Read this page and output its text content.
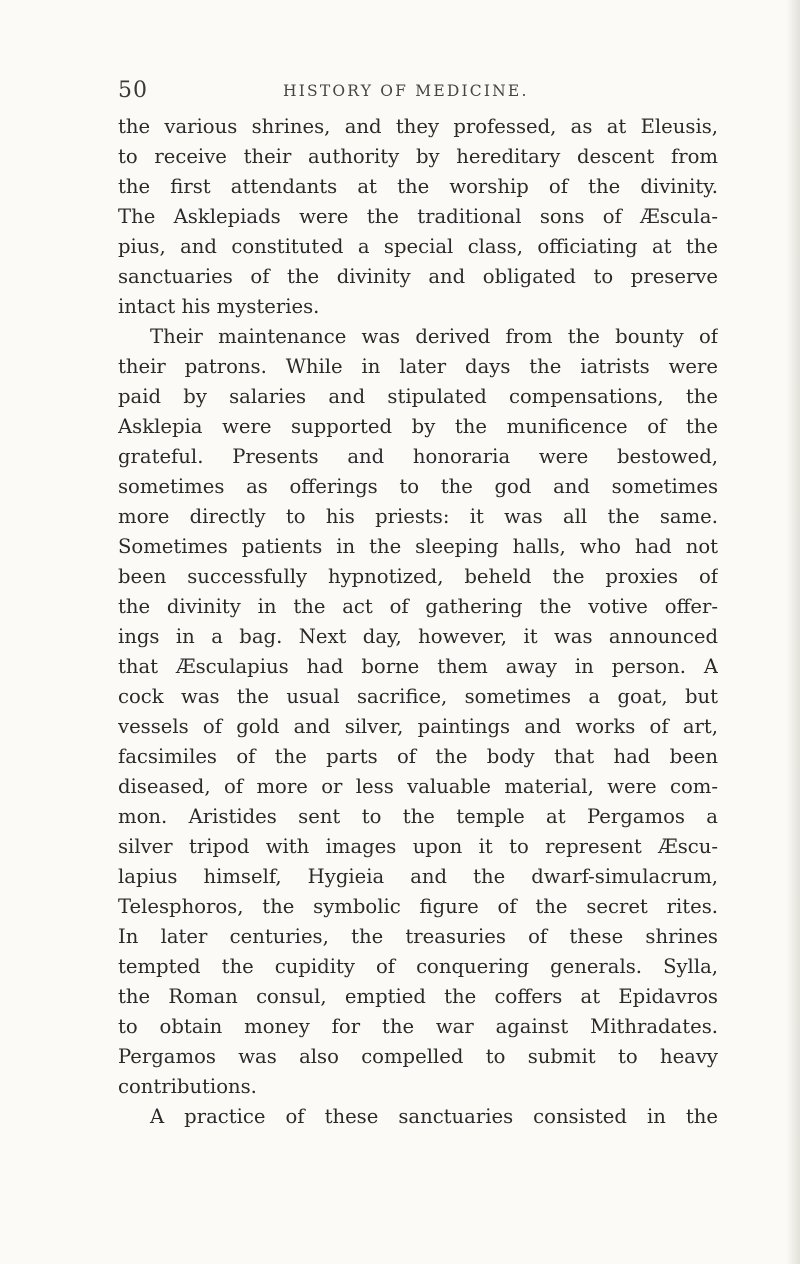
50	HISTORY OF MEDICINE.
the various shrines, and they professed, as at Eleusis,
to receive their authority by hereditary descent from
the first attendants at the worship of the divinity.
The Asklepiads were the traditional sons of Æscula-
pius, and constituted a special class, officiating at the
sanctuaries of the divinity and obligated to preserve
intact his mysteries.
Their maintenance was derived from the bounty of
their patrons. While in later days the iatrists were
paid by salaries and stipulated compensations, the
Asklepia were supported by the munificence of the
grateful. Presents and honoraria were bestowed,
sometimes as offerings to the god and sometimes
more directly to his priests: it was all the same.
Sometimes patients in the sleeping halls, who had not
been successfully hypnotized, beheld the proxies of
the divinity in the act of gathering the votive offer-
ings in a bag. Next day, however, it was announced
that Æsculapius had borne them away in person. A
cock was the usual sacrifice, sometimes a goat, but
vessels of gold and silver, paintings and works of art,
facsimiles of the parts of the body that had been
diseased, of more or less valuable material, were com-
mon. Aristides sent to the temple at Pergamos a
silver tripod with images upon it to represent Æscu-
lapius himself, Hygieia and the dwarf-simulacrum,
Telesphoros, the symbolic figure of the secret rites.
In later centuries, the treasuries of these shrines
tempted the cupidity of conquering generals. Sylla,
the Roman consul, emptied the coffers at Epidavros
to obtain money for the war against Mithradates.
Pergamos was also compelled to submit to heavy
contributions.
A practice of these sanctuaries consisted in the
